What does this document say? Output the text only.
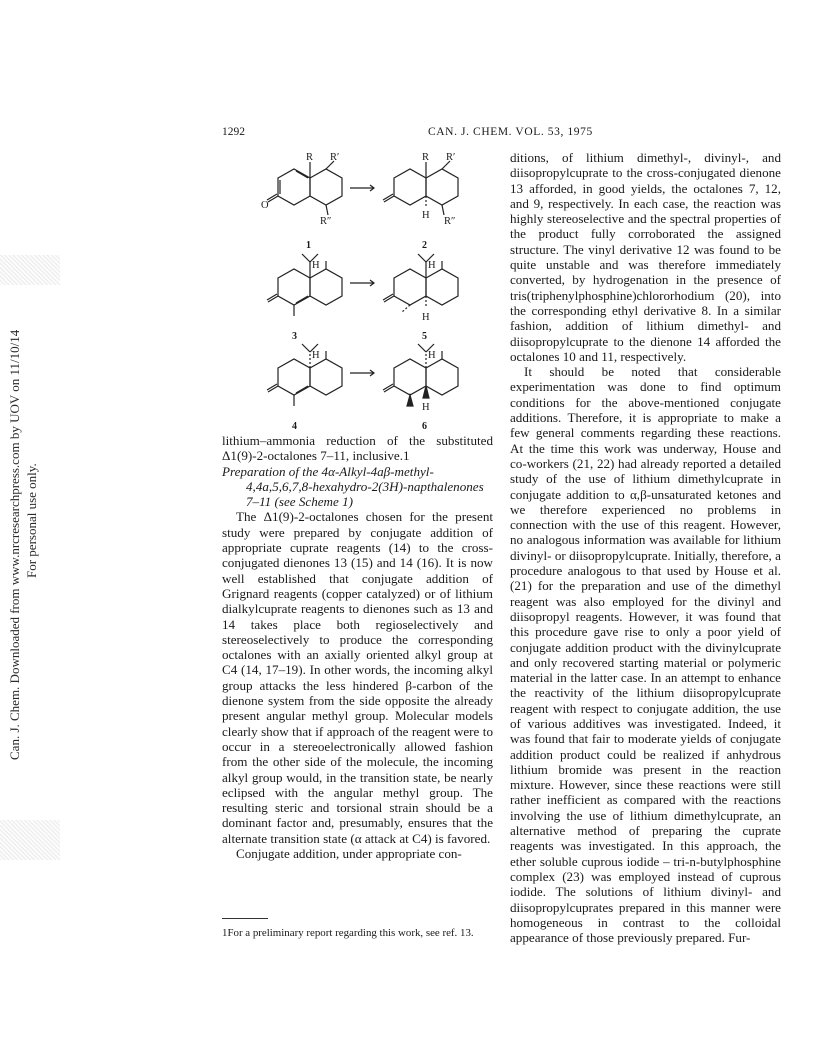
Can. J. Chem. Downloaded from www.nrcresearchpress.com by UOV on 11/10/14 For personal use only.
1292	CAN. J. CHEM. VOL. 53, 1975
O
R R′
R″
1
R R′
H
R″
2
H
3
H
H
5
H
4
H
H
6

lithium–ammonia reduction of the substituted Δ1(9)-2-octalones 7–11, inclusive.1

Preparation of the 4α-Alkyl-4aβ-methyl-
4,4a,5,6,7,8-hexahydro-2(3H)-napthalenones 7–11 (see Scheme 1)

The Δ1(9)-2-octalones chosen for the present study were prepared by conjugate addition of appropriate cuprate reagents (14) to the cross-conjugated dienones 13 (15) and 14 (16). It is now well established that conjugate addition of Grignard reagents (copper catalyzed) or of lithium dialkylcuprate reagents to dienones such as 13 and 14 takes place both regioselectively and stereoselectively to produce the corresponding octalones with an axially oriented alkyl group at C4 (14, 17–19). In other words, the incoming alkyl group attacks the less hindered β-carbon of the dienone system from the side opposite the already present angular methyl group. Molecular models clearly show that if approach of the reagent were to occur in a stereoelectronically allowed fashion from the other side of the molecule, the incoming alkyl group would, in the transition state, be nearly eclipsed with the angular methyl group. The resulting steric and torsional strain should be a dominant factor and, presumably, ensures that the alternate transition state (α attack at C4) is favored.

Conjugate addition, under appropriate con-

1For a preliminary report regarding this work, see ref. 13.

ditions, of lithium dimethyl-, divinyl-, and diisopropylcuprate to the cross-conjugated dienone 13 afforded, in good yields, the octalones 7, 12, and 9, respectively. In each case, the reaction was highly stereoselective and the spectral properties of the product fully corroborated the assigned structure. The vinyl derivative 12 was found to be quite unstable and was therefore immediately converted, by hydrogenation in the presence of tris(triphenylphosphine)chlororhodium (20), into the corresponding ethyl derivative 8. In a similar fashion, addition of lithium dimethyl- and diisopropylcuprate to the dienone 14 afforded the octalones 10 and 11, respectively.

It should be noted that considerable experimentation was done to find optimum conditions for the above-mentioned conjugate additions. Therefore, it is appropriate to make a few general comments regarding these reactions. At the time this work was underway, House and co-workers (21, 22) had already reported a detailed study of the use of lithium dimethylcuprate in conjugate addition to α,β-unsaturated ketones and we therefore experienced no problems in connection with the use of this reagent. However, no analogous information was available for lithium divinyl- or diisopropylcuprate. Initially, therefore, a procedure analogous to that used by House et al. (21) for the preparation and use of the dimethyl reagent was also employed for the divinyl and diisopropyl reagents. However, it was found that this procedure gave rise to only a poor yield of conjugate addition product with the divinylcuprate and only recovered starting material or polymeric material in the latter case. In an attempt to enhance the reactivity of the lithium diisopropylcuprate reagent with respect to conjugate addition, the use of various additives was investigated. Indeed, it was found that fair to moderate yields of conjugate addition product could be realized if anhydrous lithium bromide was present in the reaction mixture. However, since these reactions were still rather inefficient as compared with the reactions involving the use of lithium dimethylcuprate, an alternative method of preparing the cuprate reagents was investigated. In this approach, the ether soluble cuprous iodide – tri-n-butylphosphine complex (23) was employed instead of cuprous iodide. The solutions of lithium divinyl- and diisopropylcuprates prepared in this manner were homogeneous in contrast to the colloidal appearance of those previously prepared. Fur-
